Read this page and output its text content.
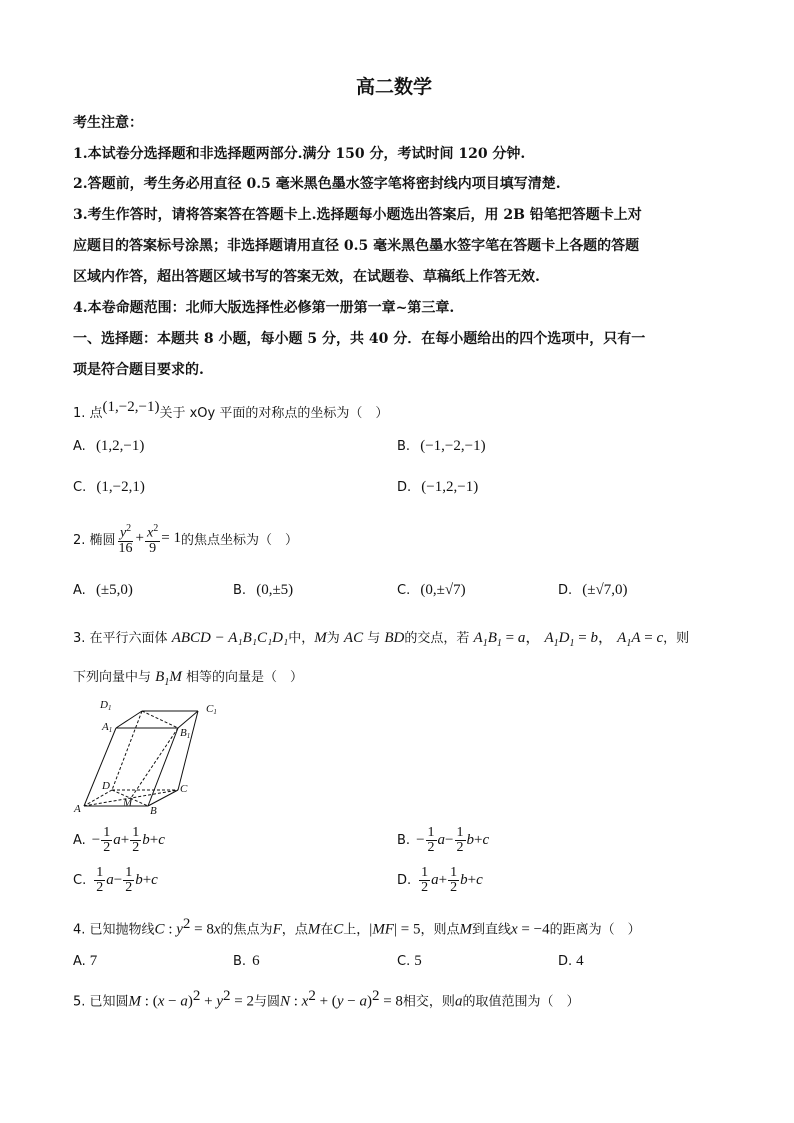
高二数学
考生注意：
1.本试卷分选择题和非选择题两部分.满分 150 分，考试时间 120 分钟.
2.答题前，考生务必用直径 0.5 毫米黑色墨水签字笔将密封线内项目填写清楚.
3.考生作答时，请将答案答在答题卡上.选择题每小题选出答案后，用 2B 铅笔把答题卡上对
应题目的答案标号涂黑；非选择题请用直径 0.5 毫米黑色墨水签字笔在答题卡上各题的答题
区域内作答，超出答题区域书写的答案无效，在试题卷、草稿纸上作答无效.
4.本卷命题范围：北师大版选择性必修第一册第一章~第三章.
一、选择题：本题共 8 小题，每小题 5 分，共 40 分．在每小题给出的四个选项中，只有一
项是符合题目要求的.
1. 点(1,−2,−1)关于 xOy 平面的对称点的坐标为（　）
A. (1,2,−1)	B. (−1,−2,−1)
C. (1,−2,1)	D. (−1,2,−1)
2. 椭圆 $\frac{y^2}{16} + \frac{x^2}{9} = 1$ 的焦点坐标为（　）
A. (±5,0)	B. (0,±5)	C. (0,±√7)	D. (±√7,0)
3. 在平行六面体 ABCD − A₁B₁C₁D₁中，M为 AC 与 BD的交点，若 $A_1B_1 = a$， $A_1D_1 = b$， $A_1A = c$，则
下列向量中与 $B_1M$ 相等的向量是（　）
D1	C1
A1	B1
D	C
M
A	B
A. − $\frac{1}{2}$ $a + \frac{1}{2}$ b + c	B. − $\frac{1}{2}$ $a - \frac{1}{2}$ b + c
C. $\frac{1}{2}$ $a - \frac{1}{2}$ b + c	D. $\frac{1}{2}$ $a + \frac{1}{2}$ b + c
4. 已知抛物线C : $y^2 = 8x$的焦点为F，点M在C上，|MF| = 5，则点M到直线x = −4的距离为（　）
A. 7	B. 6	C. 5	D. 4
5. 已知圆M : $(x - a)^2 + y^2 = 2$与圆N : $x^2 + (y - a)^2 = 8$相交，则a的取值范围为（　）
